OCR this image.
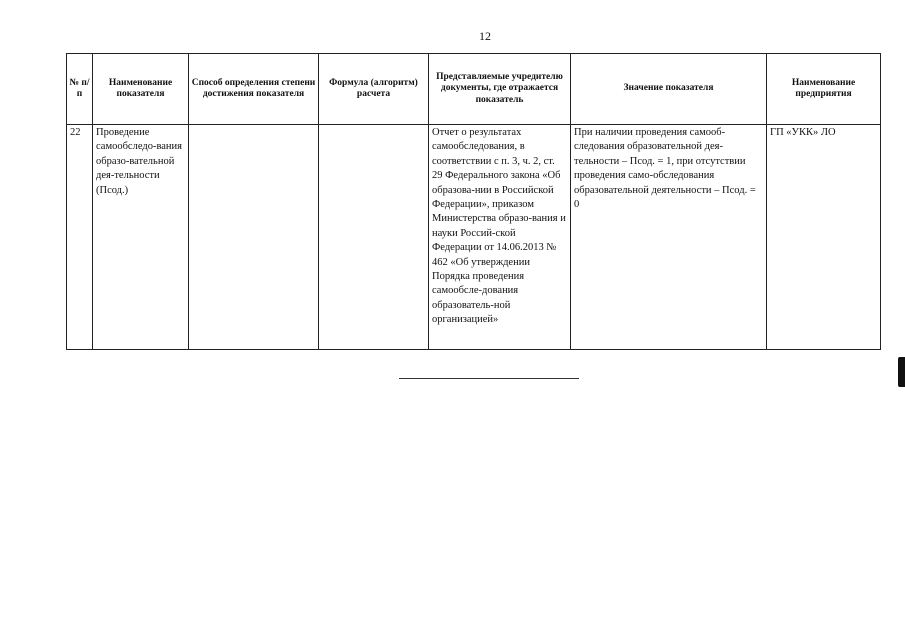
12
№ п/п	Наименование показателя	Способ определения степени достижения показателя	Формула (алгоритм) расчета	Представляемые учредителю документы, где отражается показатель	Значение показателя	Наименование предприятия
22	Проведение самообследо-вания образо-вательной дея-тельности (Псод.)			Отчет о результатах самообследования, в соответствии с п. 3, ч. 2, ст. 29 Федерального закона «Об образова-нии в Российской Федерации», приказом Министерства образо-вания и науки Россий-ской Федерации от 14.06.2013 № 462 «Об утверждении Порядка проведения самообсле-дования образователь-ной организацией»	При наличии проведения самооб-следования образовательной дея-тельности – Псод. = 1, при отсутствии проведения само-обследования образовательной деятельности – Псод. = 0	ГП «УКК» ЛО
